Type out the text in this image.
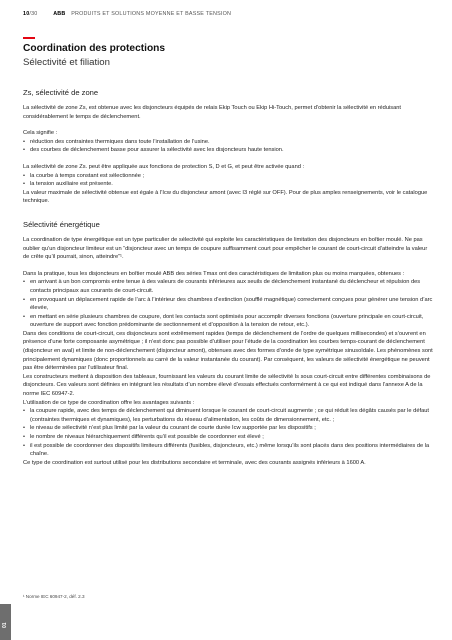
10/30	ABB PRODUITS ET SOLUTIONS MOYENNE ET BASSE TENSION
Coordination des protections
Sélectivité et filiation
Zs, sélectivité de zone

La sélectivité de zone Zs, est obtenue avec les disjoncteurs équipés de relais Ekip Touch ou Ekip Hi-Touch, permet d’obtenir la sélectivité en réduisant considérablement le temps de déclenchement.

Cela signifie :

• réduction des contraintes thermiques dans toute l’installation de l’usine.
• des courbes de déclenchement basse pour assurer la sélectivité avec les disjoncteurs haute tension.

La sélectivité de zone Zs. peut être appliquée aux fonctions de protection S, D et G, et peut être activée quand :

• la courbe à temps constant est sélectionnée ;
• la tension auxiliaire est présente.

La valeur maximale de sélectivité obtenue est égale à l’Icw du disjoncteur amont (avec I3 réglé sur OFF). Pour de plus amples renseignements, voir le catalogue technique.

Sélectivité énergétique

La coordination de type énergétique est un type particulier de sélectivité qui exploite les caractéristiques de limitation des disjoncteurs en boîtier moulé. Ne pas oublier qu’un disjoncteur limiteur est un “disjoncteur avec un temps de coupure suffisamment court pour empêcher le courant de court-circuit d’atteindre la valeur de crête qu’il pourrait, sinon, atteindre”¹.

Dans la pratique, tous les disjoncteurs en boîtier moulé ABB des séries Tmax ont des caractéristiques de limitation plus ou moins marquées, obtenues :

• en arrivant à un bon compromis entre tenue à des valeurs de courants inférieures aux seuils de déclenchement instantané du déclencheur et répulsion des contacts principaux aux courants de court-circuit.
• en provoquant un déplacement rapide de l’arc à l’intérieur des chambres d’extinction (soufflé magnétique) correctement conçues pour générer une tension d’arc élevée,
• en mettant en série plusieurs chambres de coupure, dont les contacts sont optimisés pour accomplir diverses fonctions (ouverture principale en court-circuit, ouverture de support avec fonction prédominante de sectionnement et d’opposition à la tension de retour, etc.).

Dans des conditions de court-circuit, ces disjoncteurs sont extrêmement rapides (temps de déclenchement de l’ordre de quelques millisecondes) et s’ouvrent en présence d’une forte composante asymétrique ; il n’est donc pas possible d’utiliser pour l’étude de la coordination les courbes temps-courant de déclenchement (disjoncteur en aval) et limite de non-déclenchement (disjoncteur amont), obtenues avec des formes d’onde de type symétrique sinusoïdale. Les phénomènes sont principalement dynamiques (donc proportionnels au carré de la valeur instantanée du courant). Par conséquent, les valeurs de sélectivité énergétique ne peuvent pas être déterminées par l’utilisateur final.

Les constructeurs mettent à disposition des tableaux, fournissant les valeurs du courant limite de sélectivité Is sous court-circuit entre différentes combinaisons de disjoncteurs. Ces valeurs sont définies en intégrant les résultats d’un nombre élevé d’essais effectués conformément à ce qui est indiqué dans l’annexe A de la norme IEC 60947-2.

L’utilisation de ce type de coordination offre les avantages suivants :

• la coupure rapide, avec des temps de déclenchement qui diminuent lorsque le courant de court-circuit augmente ; ce qui réduit les dégâts causés par le défaut (contraintes thermiques et dynamiques), les perturbations du réseau d’alimentation, les coûts de dimensionnement, etc. ;
• le niveau de sélectivité n’est plus limité par la valeur du courant de courte durée Icw supportée par les dispositifs ;
• le nombre de niveaux hiérarchiquement différents qu’il est possible de coordonner est élevé ;
• il est possible de coordonner des dispositifs limiteurs différents (fusibles, disjoncteurs, etc.) même lorsqu’ils sont placés dans des positions intermédiaires de la chaîne.

Ce type de coordination est surtout utilisé pour les distributions secondaire et terminale, avec des courants assignés inférieurs à 1600 A.

¹ Norme IEC 60947-2, déf. 2.3
01
